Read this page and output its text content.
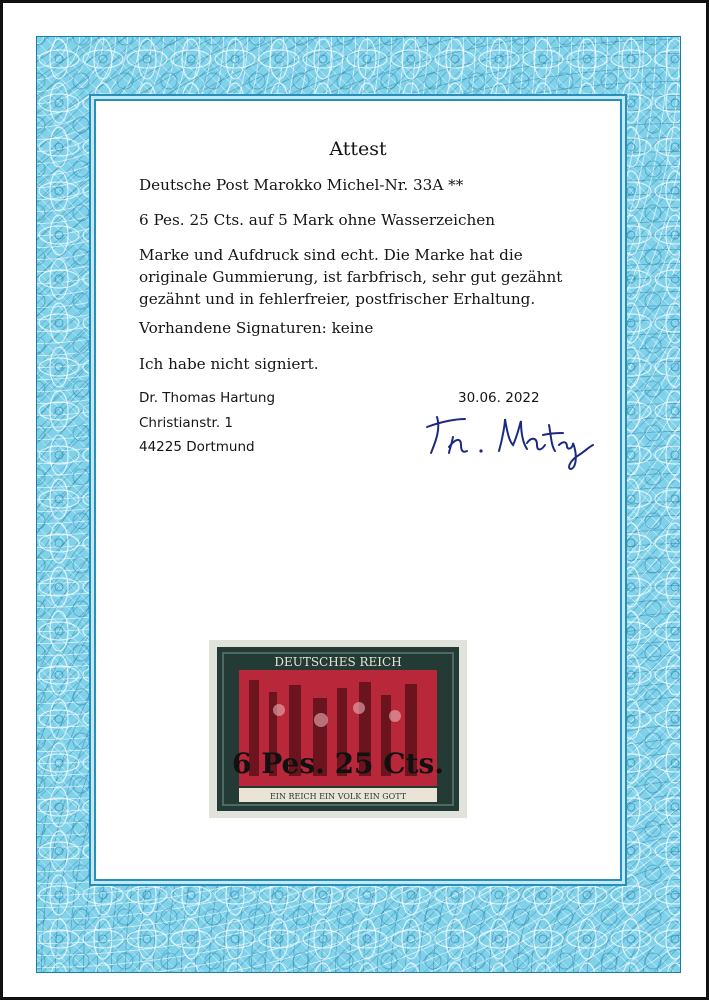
Attest
Deutsche Post Marokko Michel-Nr. 33A **
6 Pes. 25 Cts. auf 5 Mark ohne Wasserzeichen
Marke und Aufdruck sind echt. Die Marke hat die originale Gummierung, ist farbfrisch, sehr gut gezähnt gezähnt und in fehlerfreier, postfrischer Erhaltung.
Vorhandene Signaturen: keine
Ich habe nicht signiert.
Dr. Thomas Hartung
Christianstr. 1
44225 Dortmund
30.06. 2022
DEUTSCHES REICH
6 Pes. 25 Cts.
EIN REICH EIN VOLK EIN GOTT
